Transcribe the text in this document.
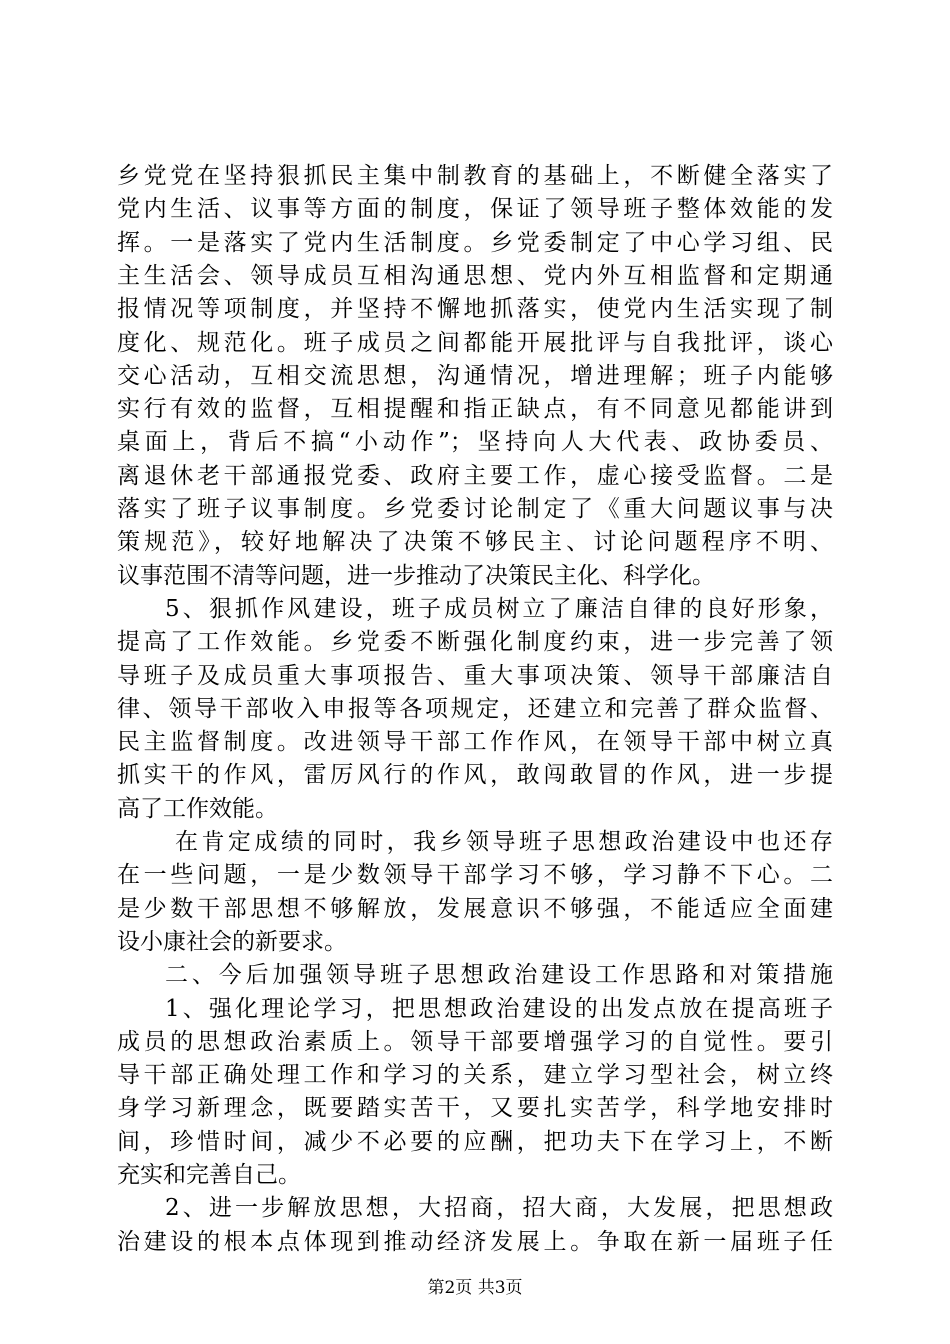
乡党党在坚持狠抓民主集中制教育的基础上，不断健全落实了
党内生活、议事等方面的制度，保证了领导班子整体效能的发
挥。一是落实了党内生活制度。乡党委制定了中心学习组、民
主生活会、领导成员互相沟通思想、党内外互相监督和定期通
报情况等项制度，并坚持不懈地抓落实，使党内生活实现了制
度化、规范化。班子成员之间都能开展批评与自我批评，谈心
交心活动，互相交流思想，沟通情况，增进理解；班子内能够
实行有效的监督，互相提醒和指正缺点，有不同意见都能讲到
桌面上，背后不搞“小动作”；坚持向人大代表、政协委员、
离退休老干部通报党委、政府主要工作，虚心接受监督。二是
落实了班子议事制度。乡党委讨论制定了《重大问题议事与决
策规范》，较好地解决了决策不够民主、讨论问题程序不明、
议事范围不清等问题，进一步推动了决策民主化、科学化。
5、狠抓作风建设，班子成员树立了廉洁自律的良好形象，
提高了工作效能。乡党委不断强化制度约束，进一步完善了领
导班子及成员重大事项报告、重大事项决策、领导干部廉洁自
律、领导干部收入申报等各项规定，还建立和完善了群众监督、
民主监督制度。改进领导干部工作作风，在领导干部中树立真
抓实干的作风，雷厉风行的作风，敢闯敢冒的作风，进一步提
高了工作效能。
在肯定成绩的同时，我乡领导班子思想政治建设中也还存
在一些问题，一是少数领导干部学习不够，学习静不下心。二
是少数干部思想不够解放，发展意识不够强，不能适应全面建
设小康社会的新要求。
二、今后加强领导班子思想政治建设工作思路和对策措施
1、强化理论学习，把思想政治建设的出发点放在提高班子
成员的思想政治素质上。领导干部要增强学习的自觉性。要引
导干部正确处理工作和学习的关系，建立学习型社会，树立终
身学习新理念，既要踏实苦干，又要扎实苦学，科学地安排时
间，珍惜时间，减少不必要的应酬，把功夫下在学习上，不断
充实和完善自己。
2、进一步解放思想，大招商，招大商，大发展，把思想政
治建设的根本点体现到推动经济发展上。争取在新一届班子任
第2页 共3页
